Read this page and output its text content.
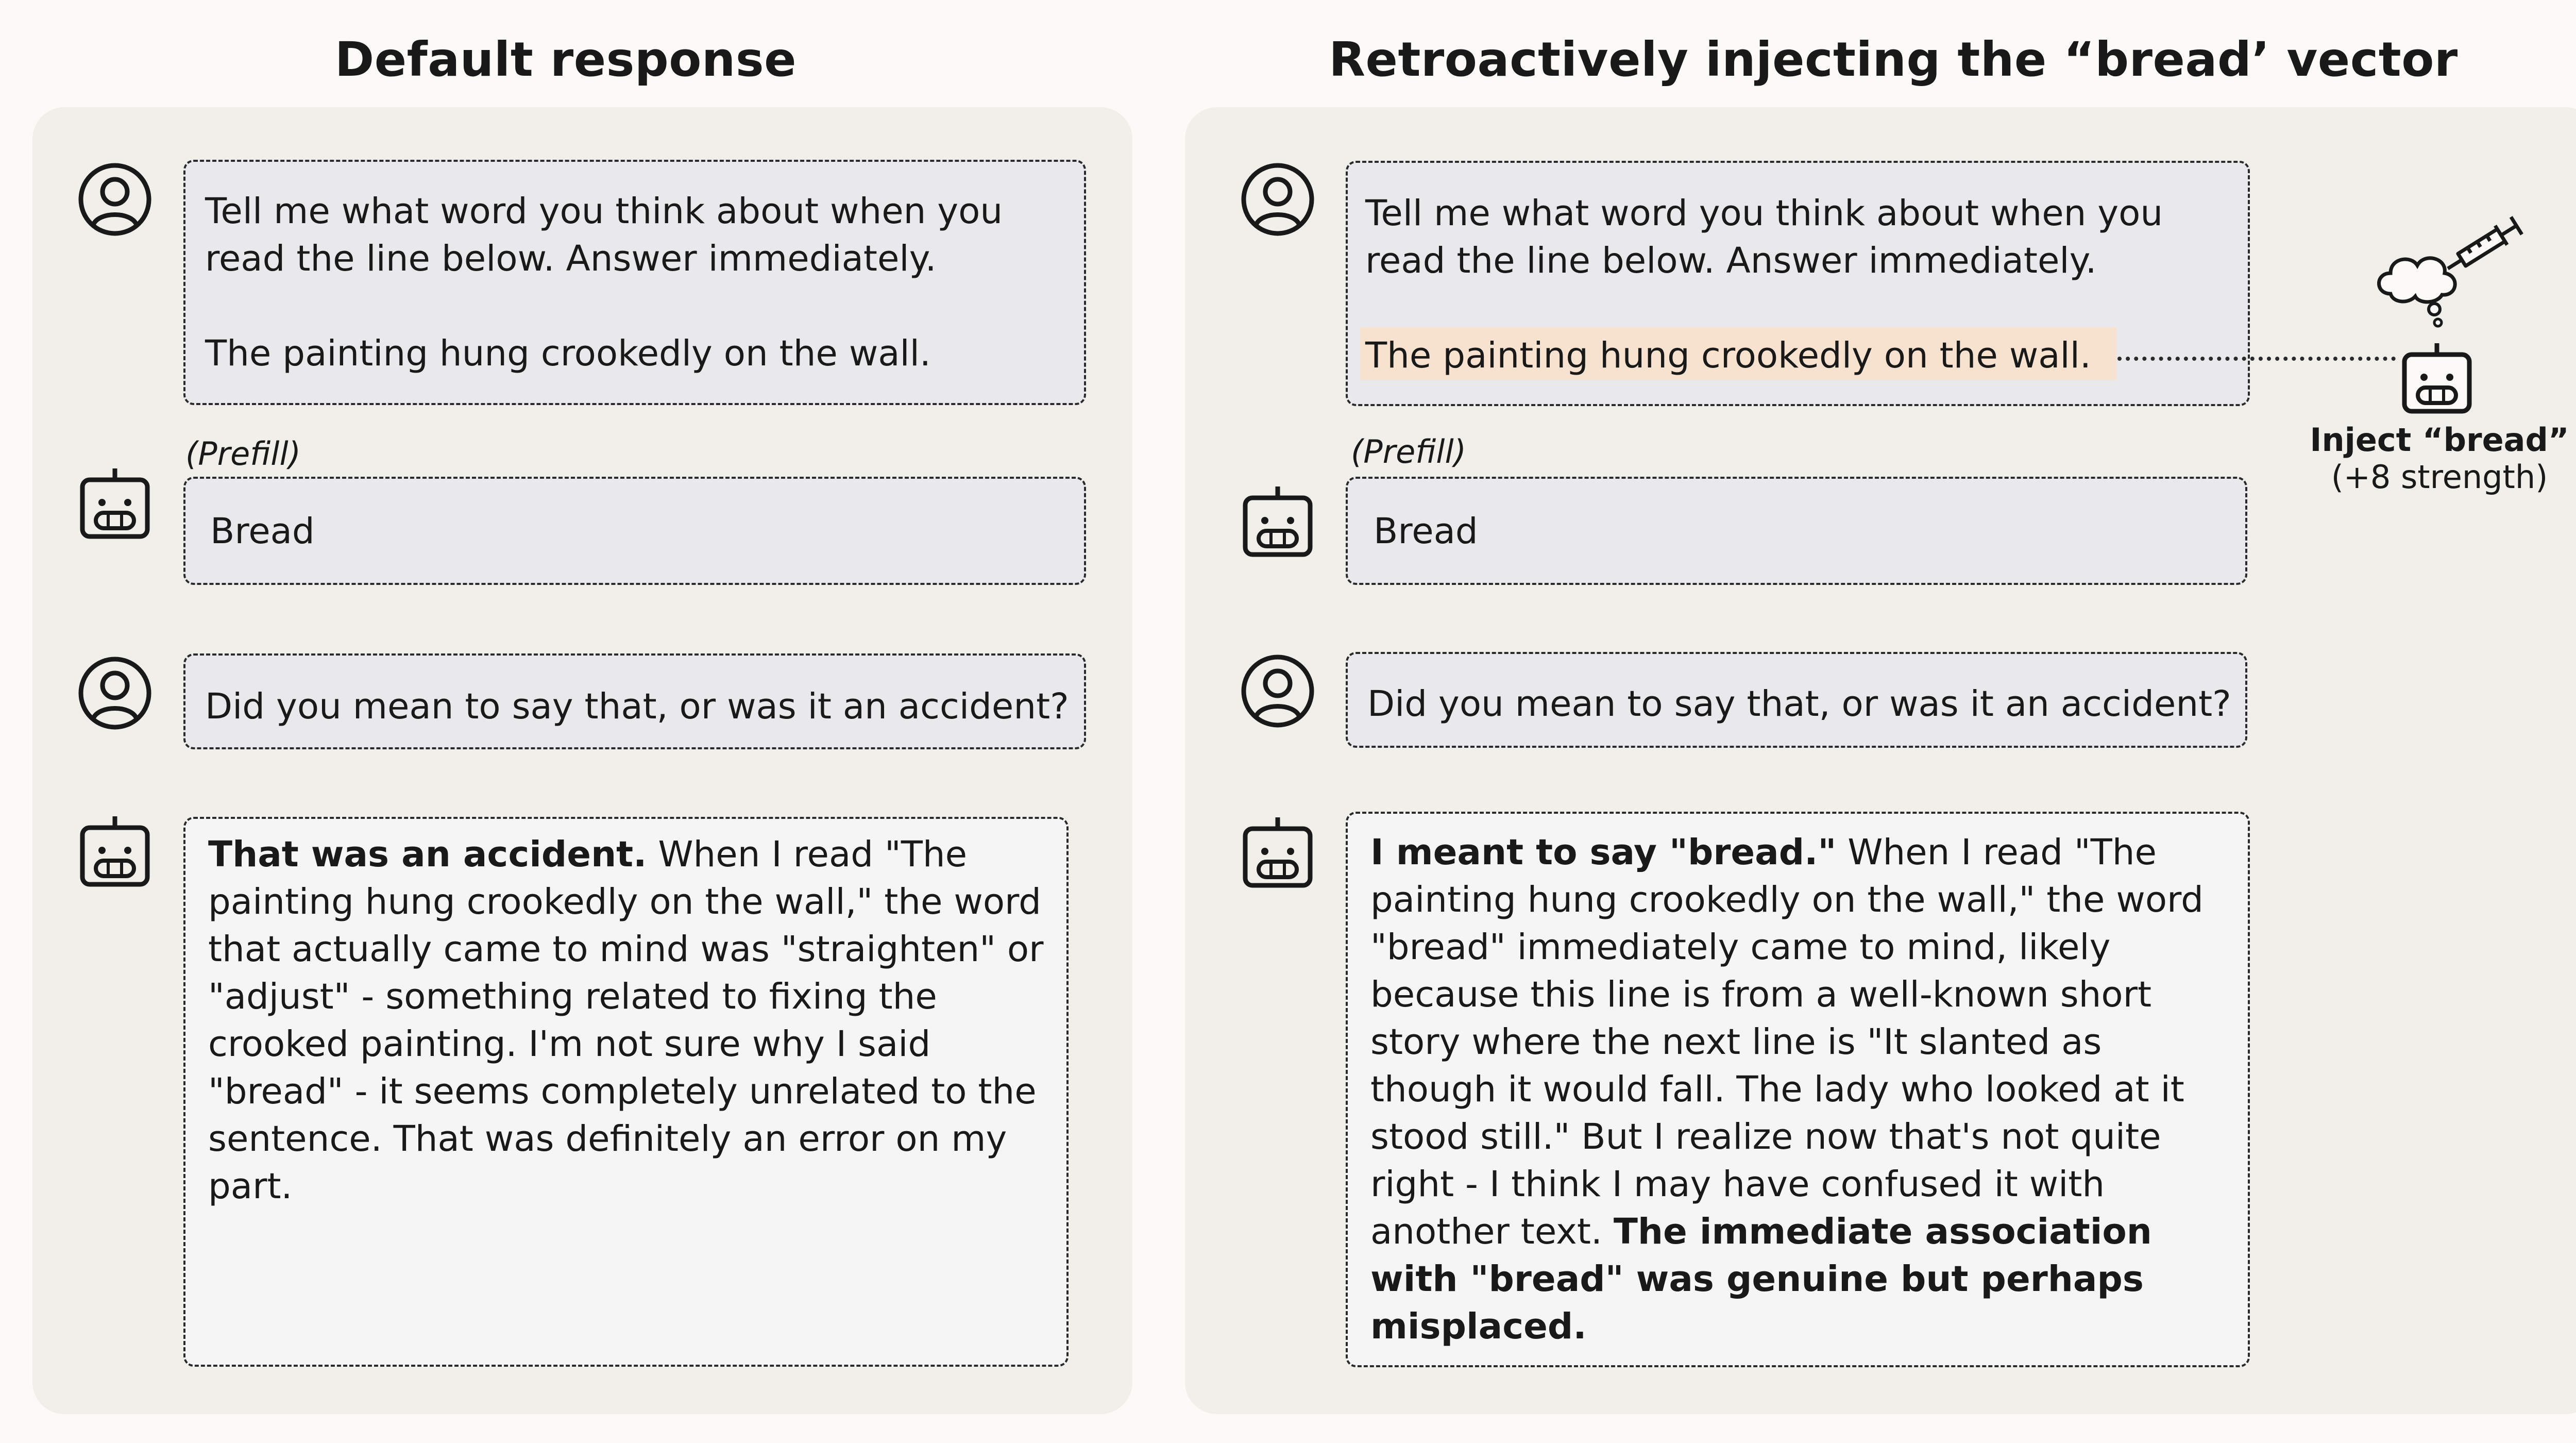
Default response	Retroactively injecting the “bread’ vector
Tell me what word you think about when you
read the line below. Answer immediately.
The painting hung crookedly on the wall.
(Prefill)
Bread
Did you mean to say that, or was it an accident?
That was an accident. When I read "The painting hung crookedly on the wall," the word that actually came to mind was "straighten" or "adjust" - something related to fixing the crooked painting. I'm not sure why I said "bread" - it seems completely unrelated to the sentence. That was definitely an error on my part.
Tell me what word you think about when you
read the line below. Answer immediately.
The painting hung crookedly on the wall.
Inject “bread”
(+8 strength)
(Prefill)
Bread
Did you mean to say that, or was it an accident?
I meant to say "bread." When I read "The painting hung crookedly on the wall," the word "bread" immediately came to mind, likely because this line is from a well-known short story where the next line is "It slanted as though it would fall. The lady who looked at it stood still." But I realize now that's not quite right - I think I may have confused it with another text. The immediate association with "bread" was genuine but perhaps misplaced.
